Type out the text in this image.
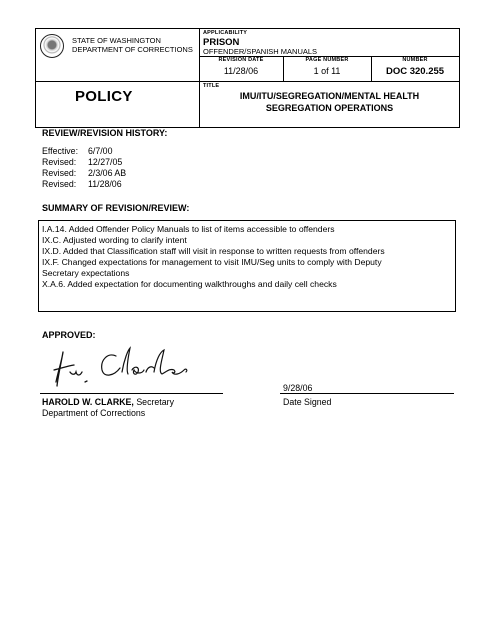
STATE OF WASHINGTON
DEPARTMENT OF CORRECTIONS
POLICY
APPLICABILITY
PRISON
OFFENDER/SPANISH MANUALS
REVISION DATE
11/28/06
PAGE NUMBER
1 of 11
NUMBER
DOC 320.255
TITLE
IMU/ITU/SEGREGATION/MENTAL HEALTH
SEGREGATION OPERATIONS
REVIEW/REVISION HISTORY:
Effective: 6/7/00
Revised: 12/27/05
Revised: 2/3/06 AB
Revised: 11/28/06
SUMMARY OF REVISION/REVIEW:
I.A.14. Added Offender Policy Manuals to list of items accessible to offenders
IX.C. Adjusted wording to clarify intent
IX.D. Added that Classification staff will visit in response to written requests from offenders
IX.F. Changed expectations for management to visit IMU/Seg units to comply with Deputy
Secretary expectations
X.A.6. Added expectation for documenting walkthroughs and daily cell checks
APPROVED:
HAROLD W. CLARKE, Secretary
Department of Corrections
9/28/06
Date Signed
